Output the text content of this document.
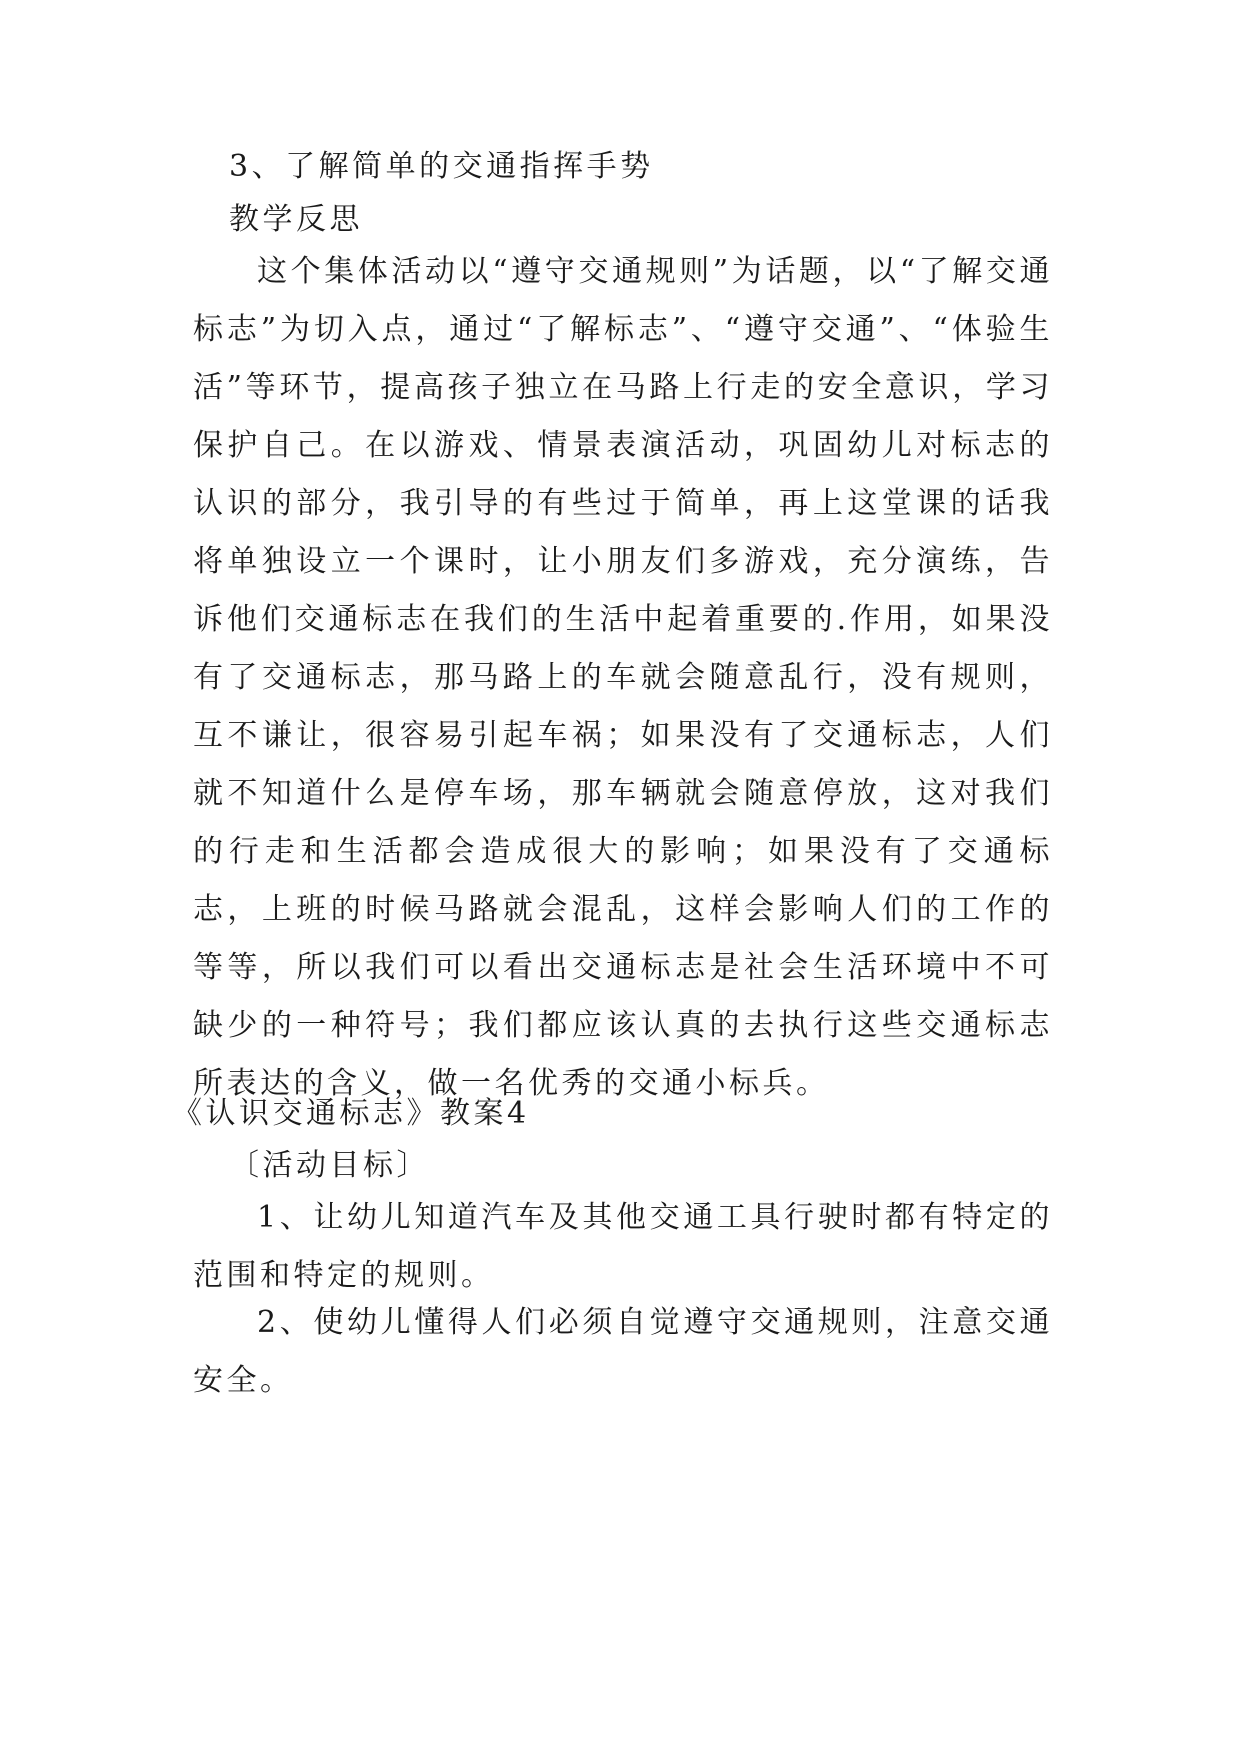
3、了解简单的交通指挥手势

教学反思

这个集体活动以“遵守交通规则”为话题，以“了解交通标志”为切入点，通过“了解标志”、“遵守交通”、“体验生活”等环节，提高孩子独立在马路上行走的安全意识，学习保护自己。在以游戏、情景表演活动，巩固幼儿对标志的认识的部分，我引导的有些过于简单，再上这堂课的话我将单独设立一个课时，让小朋友们多游戏，充分演练，告诉他们交通标志在我们的生活中起着重要的.作用，如果没有了交通标志，那马路上的车就会随意乱行，没有规则，互不谦让，很容易引起车祸；如果没有了交通标志，人们就不知道什么是停车场，那车辆就会随意停放，这对我们的行走和生活都会造成很大的影响；如果没有了交通标志，上班的时候马路就会混乱，这样会影响人们的工作的等等，所以我们可以看出交通标志是社会生活环境中不可缺少的一种符号；我们都应该认真的去执行这些交通标志所表达的含义，做一名优秀的交通小标兵。

《认识交通标志》教案4

〔活动目标〕

1、让幼儿知道汽车及其他交通工具行驶时都有特定的范围和特定的规则。

2、使幼儿懂得人们必须自觉遵守交通规则，注意交通安全。
